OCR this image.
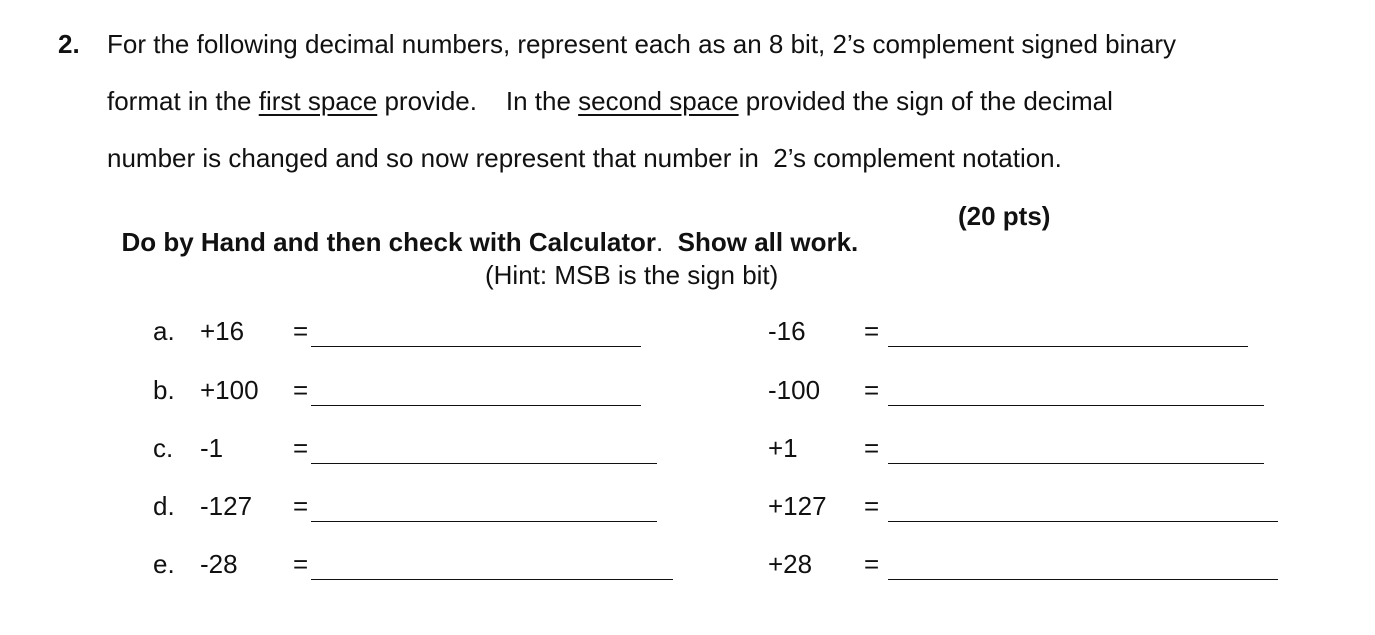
2. For the following decimal numbers, represent each as an 8 bit, 2’s complement signed binary
format in the first space provide.    In the second space provided the sign of the decimal
number is changed and so now represent that number in  2’s complement notation.

Do by Hand and then check with Calculator.  Show all work.

(20 pts)
(Hint: MSB is the sign bit)
a. +16 =	-16 =
b. +100 =	-100 =
c. -1	=	+1	=
d. -127 =	+127 =
e. -28 =	+28 =
